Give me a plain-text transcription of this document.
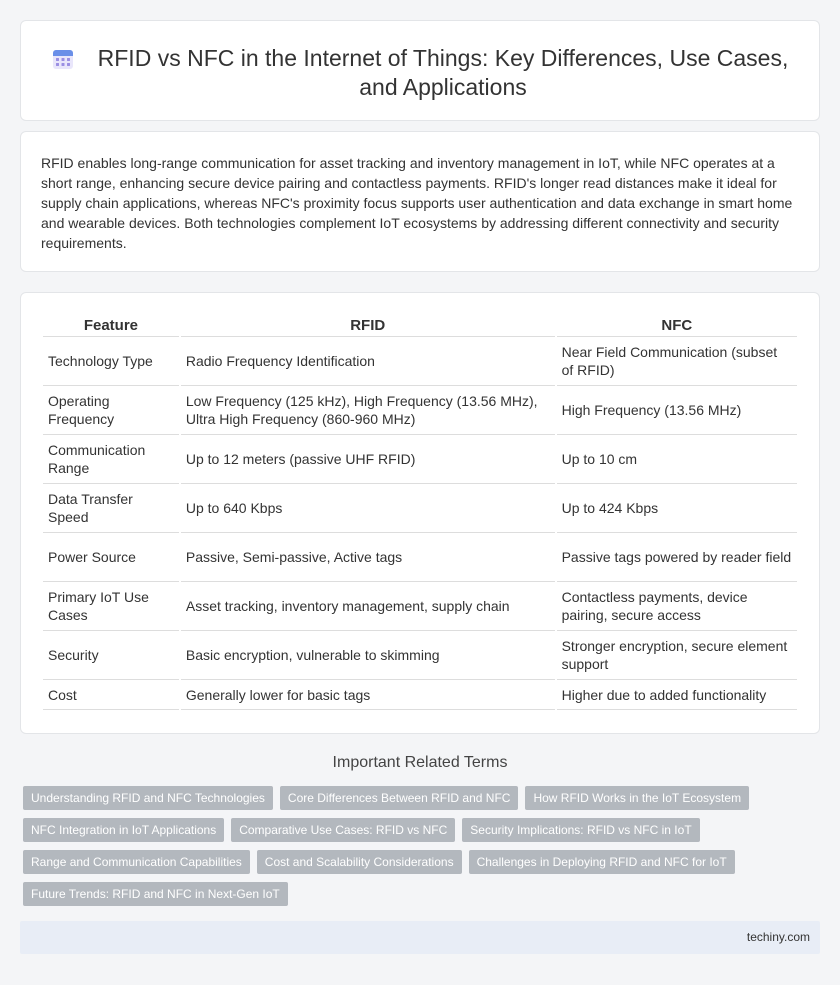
RFID vs NFC in the Internet of Things: Key Differences, Use Cases, and Applications

RFID enables long-range communication for asset tracking and inventory management in IoT, while NFC operates at a short range, enhancing secure device pairing and contactless payments. RFID's longer read distances make it ideal for supply chain applications, whereas NFC's proximity focus supports user authentication and data exchange in smart home and wearable devices. Both technologies complement IoT ecosystems by addressing different connectivity and security requirements.

Feature	RFID	NFC
Technology Type	Radio Frequency Identification	Near Field Communication (subset of RFID)
Operating Frequency	Low Frequency (125 kHz), High Frequency (13.56 MHz), Ultra High Frequency (860-960 MHz)	High Frequency (13.56 MHz)
Communication Range	Up to 12 meters (passive UHF RFID)	Up to 10 cm
Data Transfer Speed	Up to 640 Kbps	Up to 424 Kbps
Power Source	Passive, Semi-passive, Active tags	Passive tags powered by reader field
Primary IoT Use Cases	Asset tracking, inventory management, supply chain	Contactless payments, device pairing, secure access
Security	Basic encryption, vulnerable to skimming	Stronger encryption, secure element support
Cost	Generally lower for basic tags	Higher due to added functionality
Important Related Terms
Understanding RFID and NFC Technologies	Core Differences Between RFID and NFC	How RFID Works in the IoT Ecosystem
NFC Integration in IoT Applications	Comparative Use Cases: RFID vs NFC	Security Implications: RFID vs NFC in IoT
Range and Communication Capabilities	Cost and Scalability Considerations	Challenges in Deploying RFID and NFC for IoT
Future Trends: RFID and NFC in Next-Gen IoT
techiny.com
